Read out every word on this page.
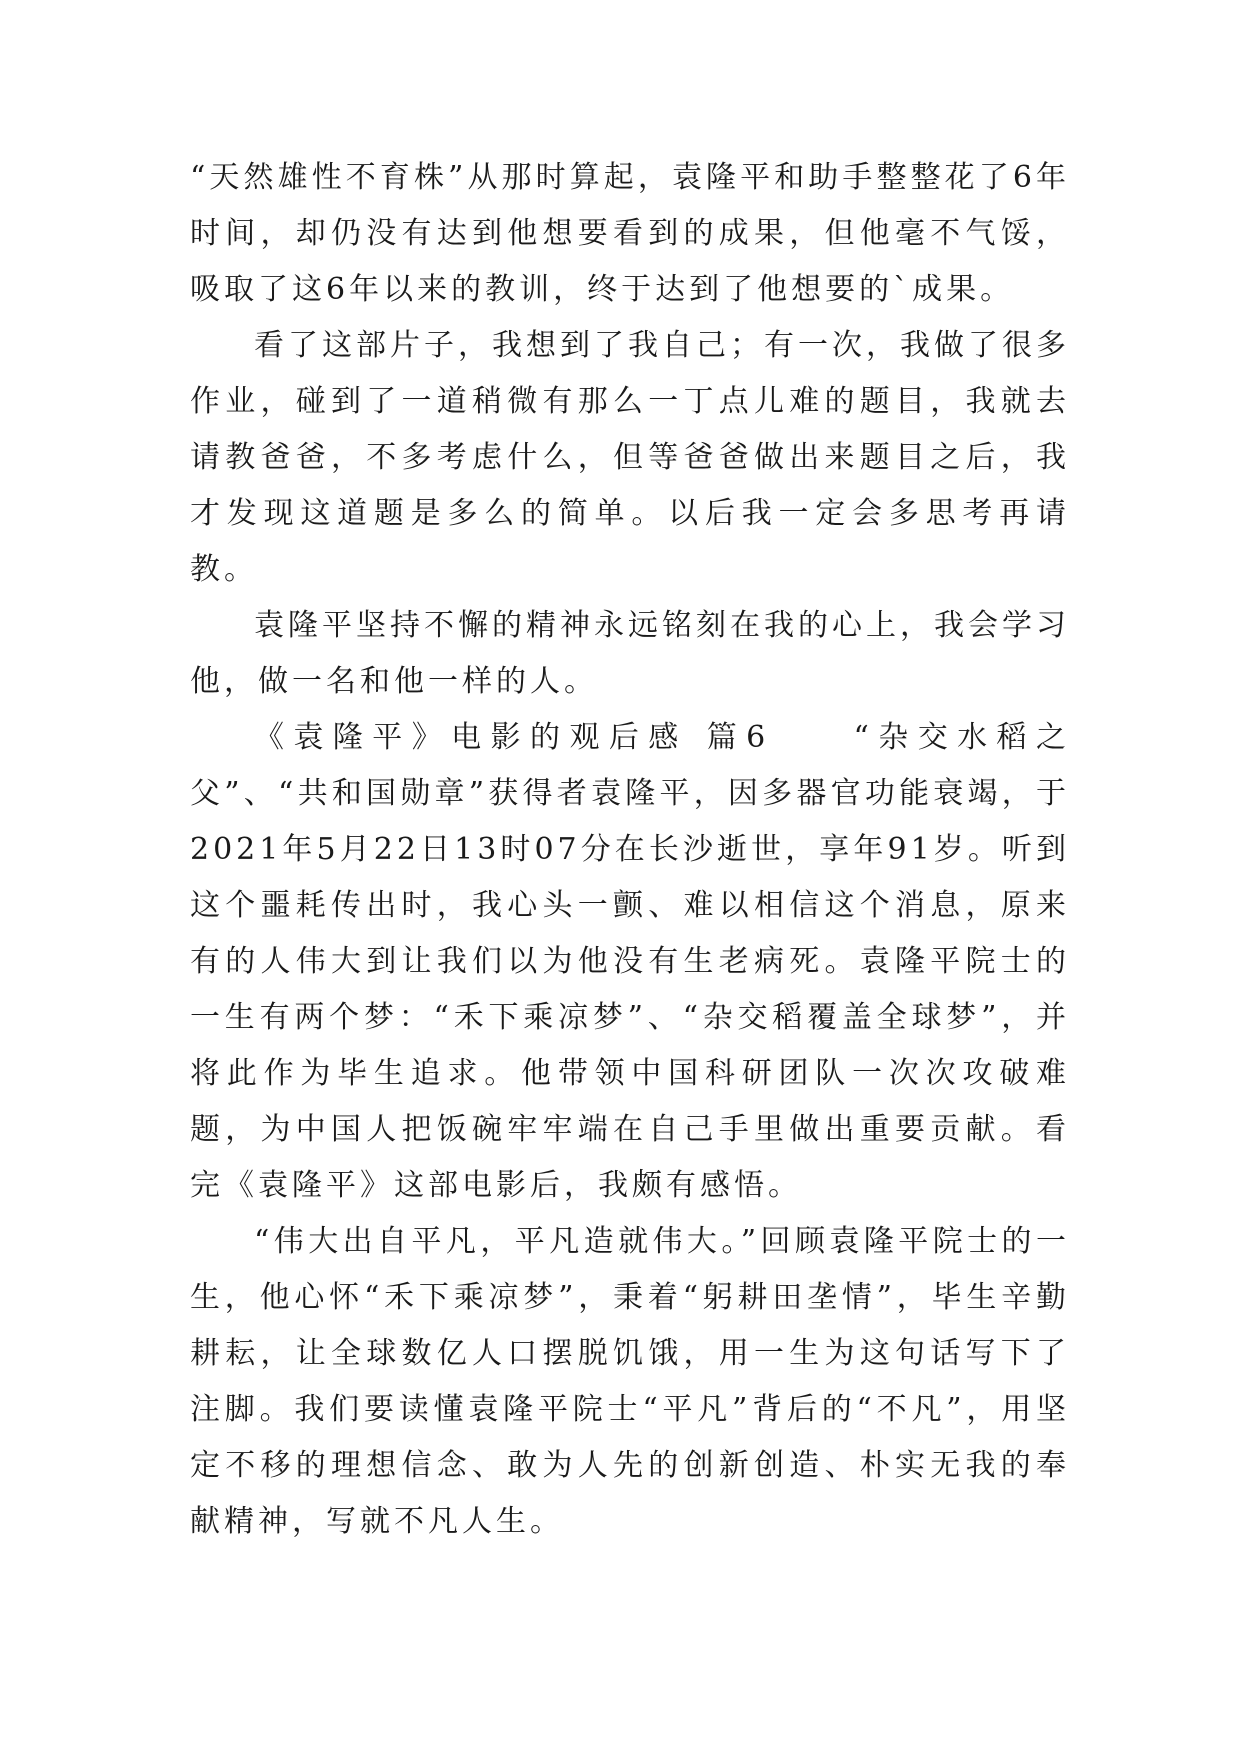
“天然雄性不育株”从那时算起，袁隆平和助手整整花了6年时间，却仍没有达到他想要看到的成果，但他毫不气馁，吸取了这6年以来的教训，终于达到了他想要的`成果。

看了这部片子，我想到了我自己；有一次，我做了很多作业，碰到了一道稍微有那么一丁点儿难的题目，我就去请教爸爸，不多考虑什么，但等爸爸做出来题目之后，我才发现这道题是多么的简单。以后我一定会多思考再请教。

袁隆平坚持不懈的精神永远铭刻在我的心上，我会学习他，做一名和他一样的人。

《袁隆平》电影的观后感 篇6　　“杂交水稻之父”、“共和国勋章”获得者袁隆平，因多器官功能衰竭，于2021年5月22日13时07分在长沙逝世，享年91岁。听到这个噩耗传出时，我心头一颤、难以相信这个消息，原来有的人伟大到让我们以为他没有生老病死。袁隆平院士的一生有两个梦：“禾下乘凉梦”、“杂交稻覆盖全球梦”，并将此作为毕生追求。他带领中国科研团队一次次攻破难题，为中国人把饭碗牢牢端在自己手里做出重要贡献。看完《袁隆平》这部电影后，我颇有感悟。

“伟大出自平凡，平凡造就伟大。”回顾袁隆平院士的一生，他心怀“禾下乘凉梦”，秉着“躬耕田垄情”，毕生辛勤耕耘，让全球数亿人口摆脱饥饿，用一生为这句话写下了注脚。我们要读懂袁隆平院士“平凡”背后的“不凡”，用坚定不移的理想信念、敢为人先的创新创造、朴实无我的奉献精神，写就不凡人生。
